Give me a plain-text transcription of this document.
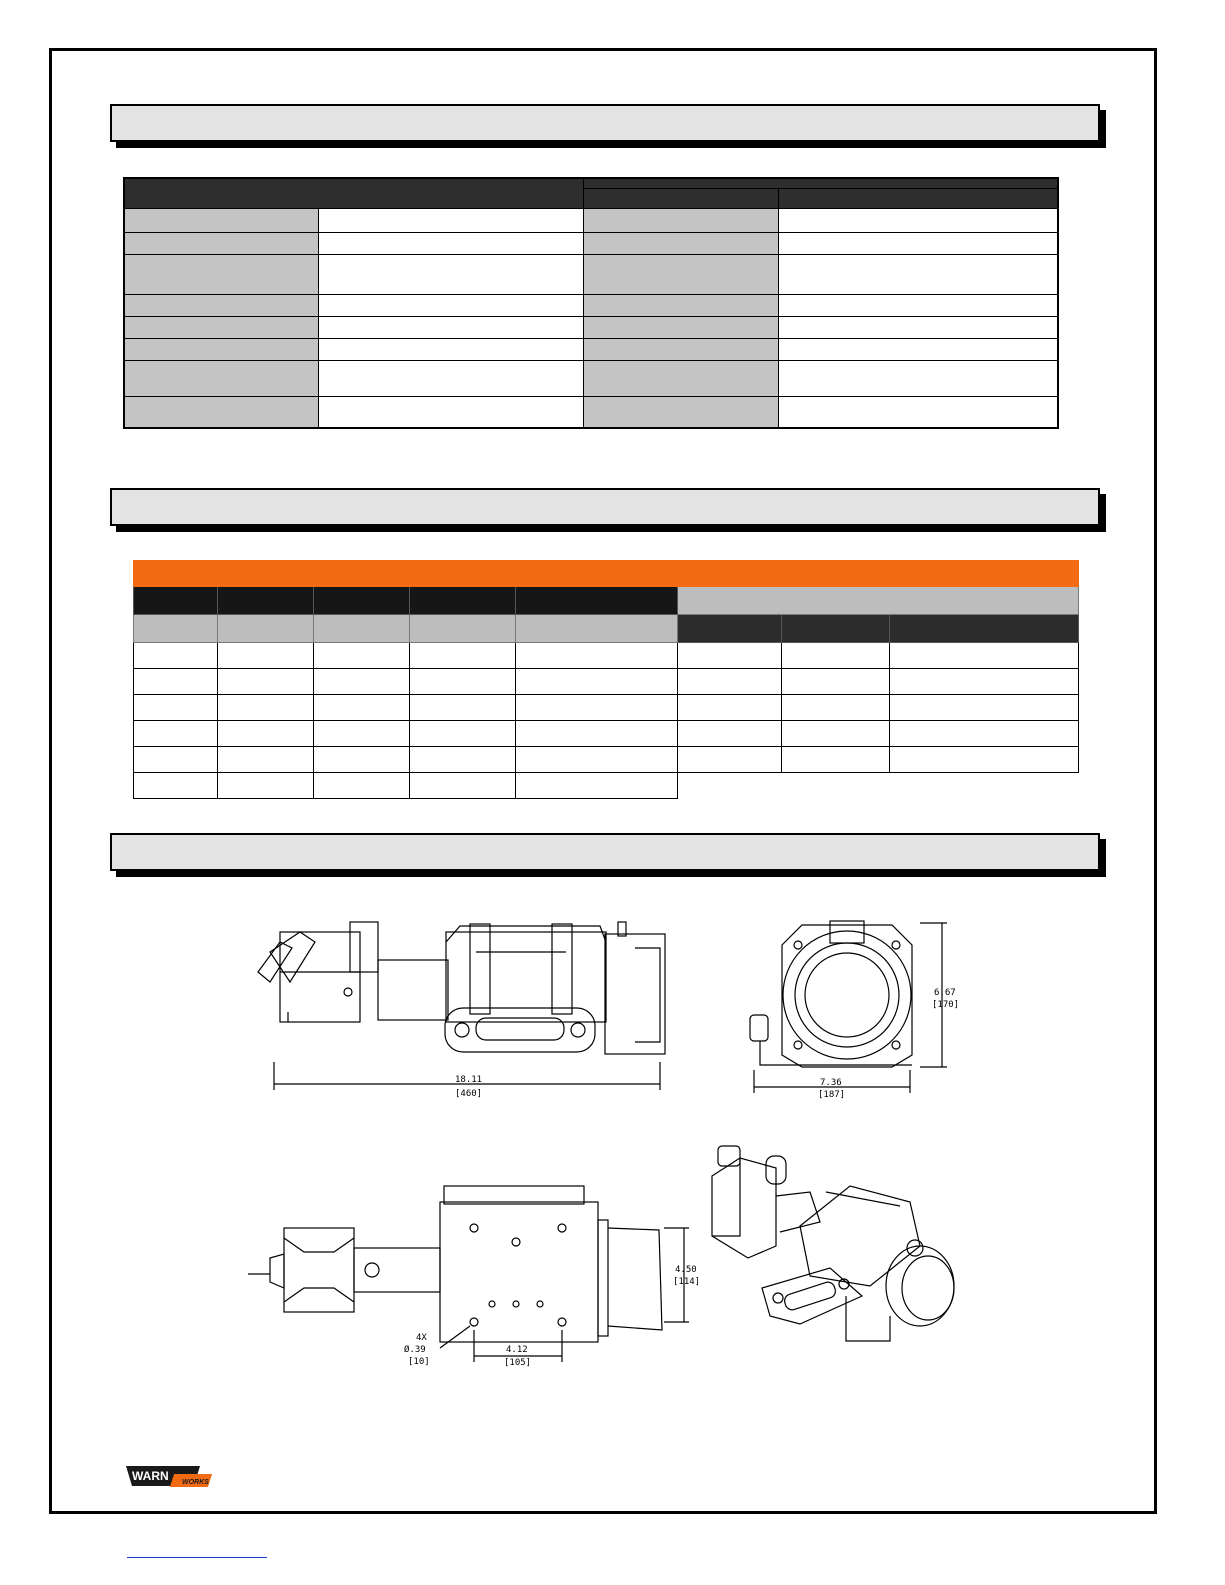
18.11
[460]
6.67
[170]
7.36
[187]
4.50
[114]
4.12
[105]
4X
Ø.39
[10]
WARN WORKS
